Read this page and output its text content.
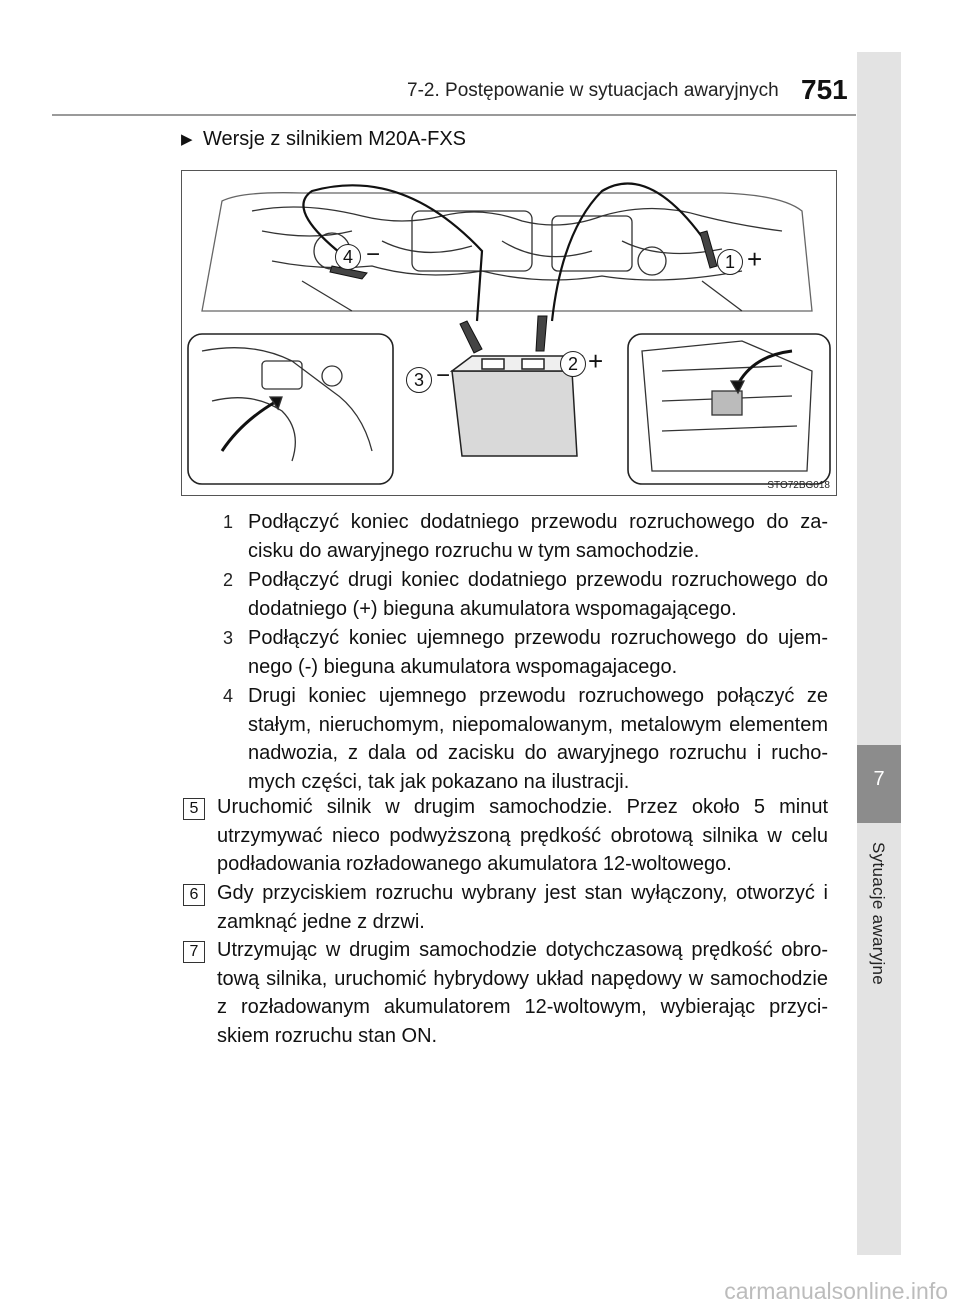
7-2. Postępowanie w sytuacjach awaryjnych 751
7
Sytuacje awaryjne
▶ Wersje z silnikiem M20A-FXS
4 −	1 +
2 +
3 −
STO72BG018
1 Podłączyć koniec dodatniego przewodu rozruchowego do za-cisku do awaryjnego rozruchu w tym samochodzie.
2 Podłączyć drugi koniec dodatniego przewodu rozruchowego do dodatniego (+) bieguna akumulatora wspomagającego.
3 Podłączyć koniec ujemnego przewodu rozruchowego do ujem-nego (-) bieguna akumulatora wspomagajacego.
4 Drugi koniec ujemnego przewodu rozruchowego połączyć ze stałym, nieruchomym, niepomalowanym, metalowym elementem nadwozia, z dala od zacisku do awaryjnego rozruchu i rucho-mych części, tak jak pokazano na ilustracji.
5 Uruchomić silnik w drugim samochodzie. Przez około 5 minut utrzymywać nieco podwyższoną prędkość obrotową silnika w celu podładowania rozładowanego akumulatora 12-woltowego.
6 Gdy przyciskiem rozruchu wybrany jest stan wyłączony, otworzyć i zamknąć jedne z drzwi.
7 Utrzymując w drugim samochodzie dotychczasową prędkość obro-tową silnika, uruchomić hybrydowy układ napędowy w samochodzie z rozładowanym akumulatorem 12-woltowym, wybierając przyci-skiem rozruchu stan ON.
carmanualsonline.info
